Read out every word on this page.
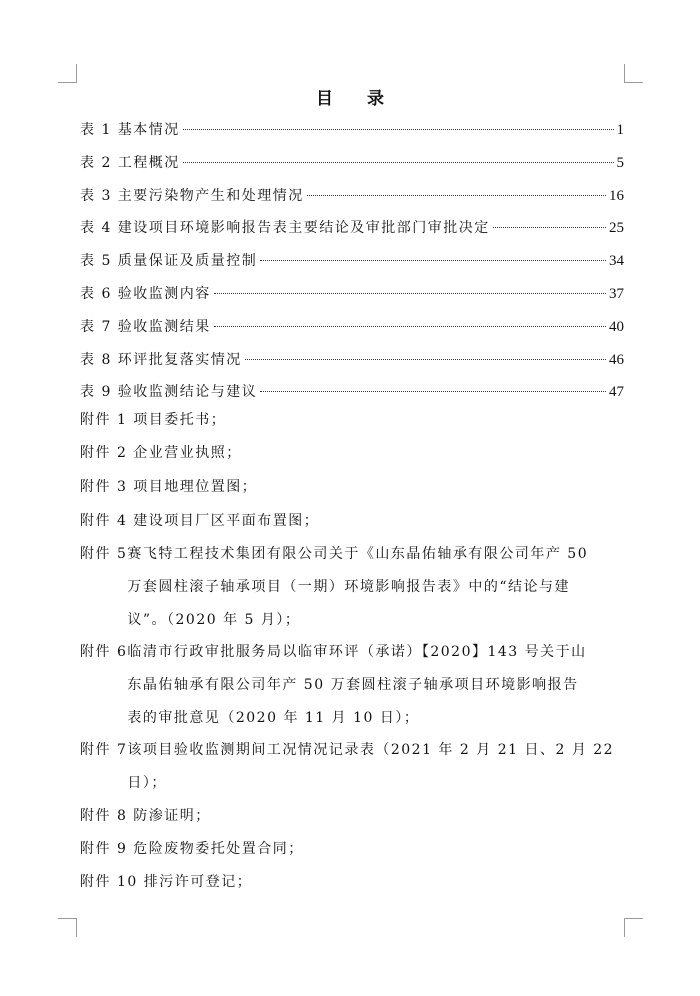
目 录
表 1 基本情况	1
表 2 工程概况	5
表 3 主要污染物产生和处理情况	16
表 4 建设项目环境影响报告表主要结论及审批部门审批决定	25
表 5 质量保证及质量控制	34
表 6 验收监测内容	37
表 7 验收监测结果	40
表 8 环评批复落实情况	46
表 9 验收监测结论与建议	47
附件 1 项目委托书；
附件 2 企业营业执照；
附件 3 项目地理位置图；
附件 4 建设项目厂区平面布置图；
附件 5 赛飞特工程技术集团有限公司关于《山东晶佑轴承有限公司年产 50
万套圆柱滚子轴承项目（一期）环境影响报告表》中的“结论与建
议”。（2020 年 5 月）；
附件 6 临清市行政审批服务局以临审环评（承诺）【2020】143 号关于山
东晶佑轴承有限公司年产 50 万套圆柱滚子轴承项目环境影响报告
表的审批意见（2020 年 11 月 10 日）；
附件 7 该项目验收监测期间工况情况记录表（2021 年 2 月 21 日、2 月 22
日）；
附件 8 防渗证明；
附件 9 危险废物委托处置合同；
附件 10 排污许可登记；
